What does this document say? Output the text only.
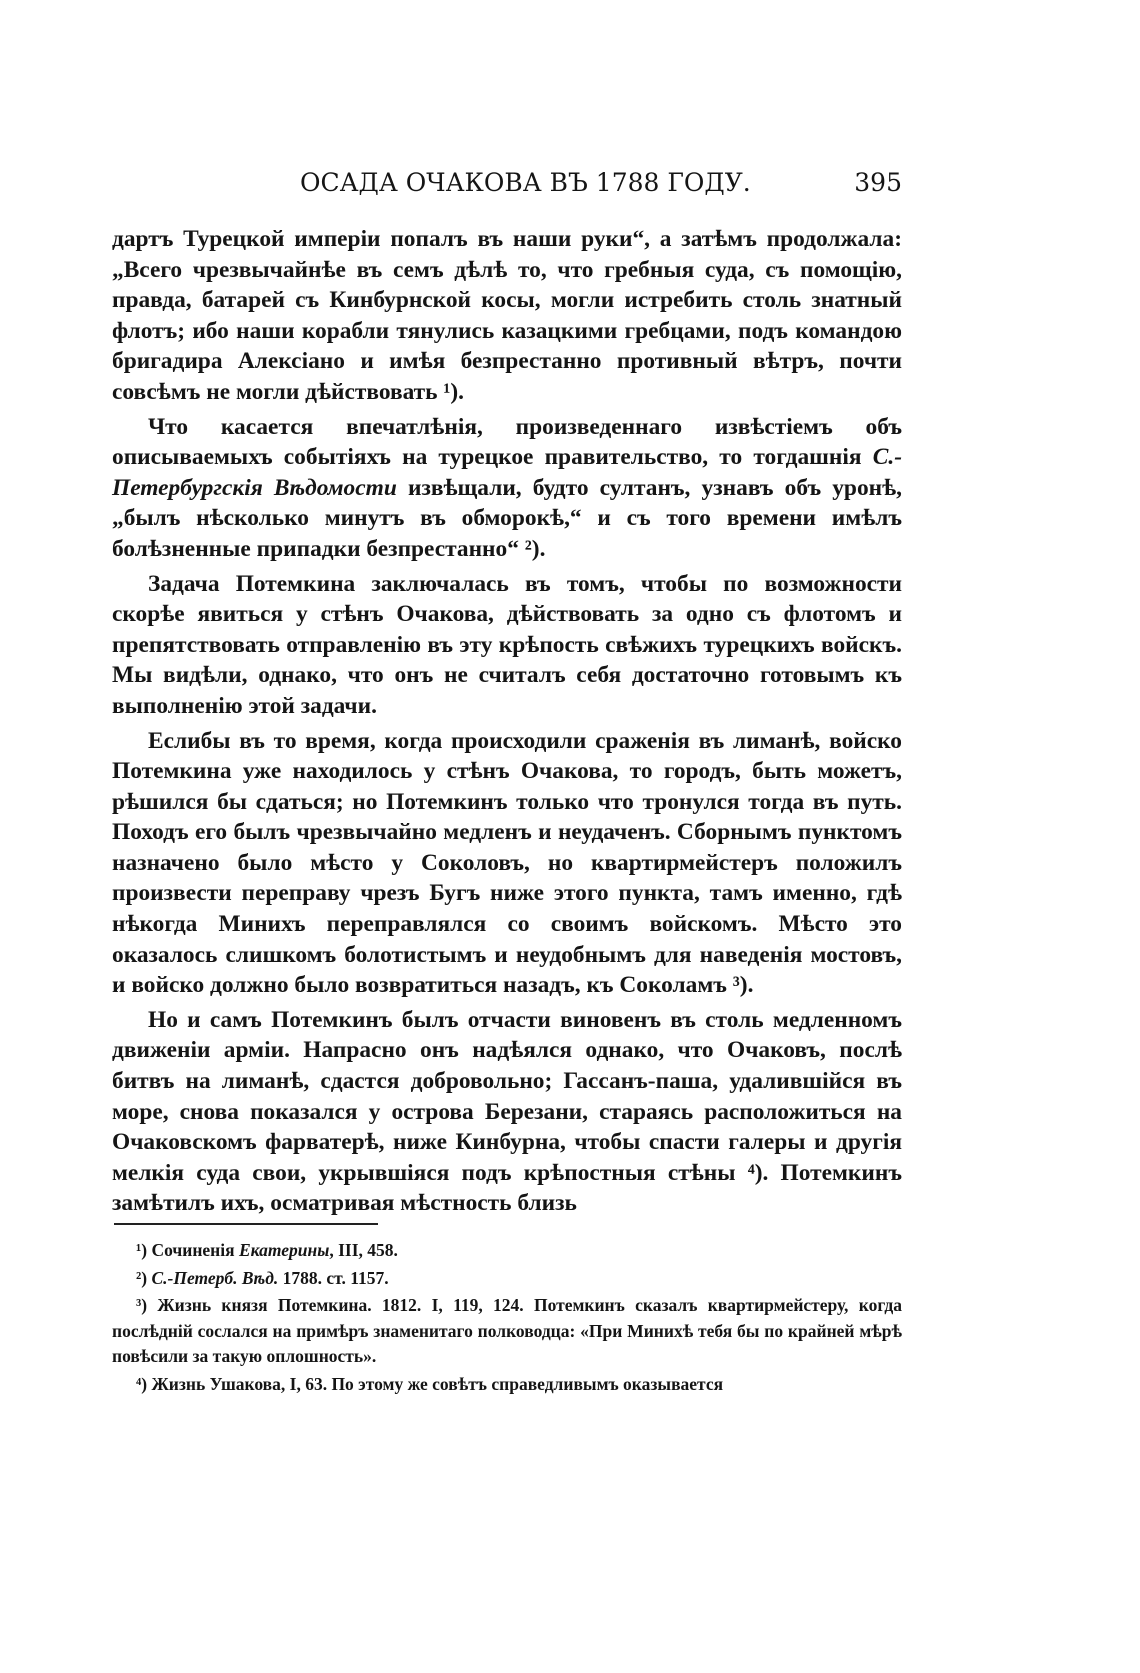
ОСАДА ОЧАКОВА ВЪ 1788 ГОДУ.	395

дартъ Турецкой имперіи попалъ въ наши руки“, а затѣмъ продолжала: „Всего чрезвычайнѣе въ семъ дѣлѣ то, что гребныя суда, съ помощію, правда, батарей съ Кинбурнской косы, могли истребить столь знатный флотъ; ибо наши корабли тянулись казацкими гребцами, подъ командою бригадира Алексіано и имѣя безпрестанно противный вѣтръ, почти совсѣмъ не могли дѣйствовать ¹).

Что касается впечатлѣнія, произведеннаго извѣстіемъ объ описываемыхъ событіяхъ на турецкое правительство, то тогдашнія С.-Петербургскія Вѣдомости извѣщали, будто султанъ, узнавъ объ уронѣ, „былъ нѣсколько минутъ въ обморокѣ,“ и съ того времени имѣлъ болѣзненные припадки безпрестанно“ ²).

Задача Потемкина заключалась въ томъ, чтобы по возможности скорѣе явиться у стѣнъ Очакова, дѣйствовать за одно съ флотомъ и препятствовать отправленію въ эту крѣпость свѣжихъ турецкихъ войскъ. Мы видѣли, однако, что онъ не считалъ себя достаточно готовымъ къ выполненію этой задачи.

Еслибы въ то время, когда происходили сраженія въ лиманѣ, войско Потемкина уже находилось у стѣнъ Очакова, то городъ, быть можетъ, рѣшился бы сдаться; но Потемкинъ только что тронулся тогда въ путь. Походъ его былъ чрезвычайно медленъ и неудаченъ. Сборнымъ пунктомъ назначено было мѣсто у Соколовъ, но квартирмейстеръ положилъ произвести переправу чрезъ Бугъ ниже этого пункта, тамъ именно, гдѣ нѣкогда Минихъ переправлялся со своимъ войскомъ. Мѣсто это оказалось слишкомъ болотистымъ и неудобнымъ для наведенія мостовъ, и войско должно было возвратиться назадъ, къ Соколамъ ³).

Но и самъ Потемкинъ былъ отчасти виновенъ въ столь медленномъ движеніи арміи. Напрасно онъ надѣялся однако, что Очаковъ, послѣ битвъ на лиманѣ, сдастся добровольно; Гассанъ-паша, удалившійся въ море, снова показался у острова Березани, стараясь расположиться на Очаковскомъ фарватерѣ, ниже Кинбурна, чтобы спасти галеры и другія мелкія суда свои, укрывшіяся подъ крѣпостныя стѣны ⁴). Потемкинъ замѣтилъ ихъ, осматривая мѣстность близь

¹) Сочиненія Екатерины, III, 458.

²) С.-Петерб. Вѣд. 1788. ст. 1157.

³) Жизнь князя Потемкина. 1812. I, 119, 124. Потемкинъ сказалъ квартирмейстеру, когда послѣдній сослался на примѣръ знаменитаго полководца: «При Минихѣ тебя бы по крайней мѣрѣ повѣсили за такую оплошность».

⁴) Жизнь Ушакова, I, 63. По этому же совѣтъ справедливымъ оказывается
